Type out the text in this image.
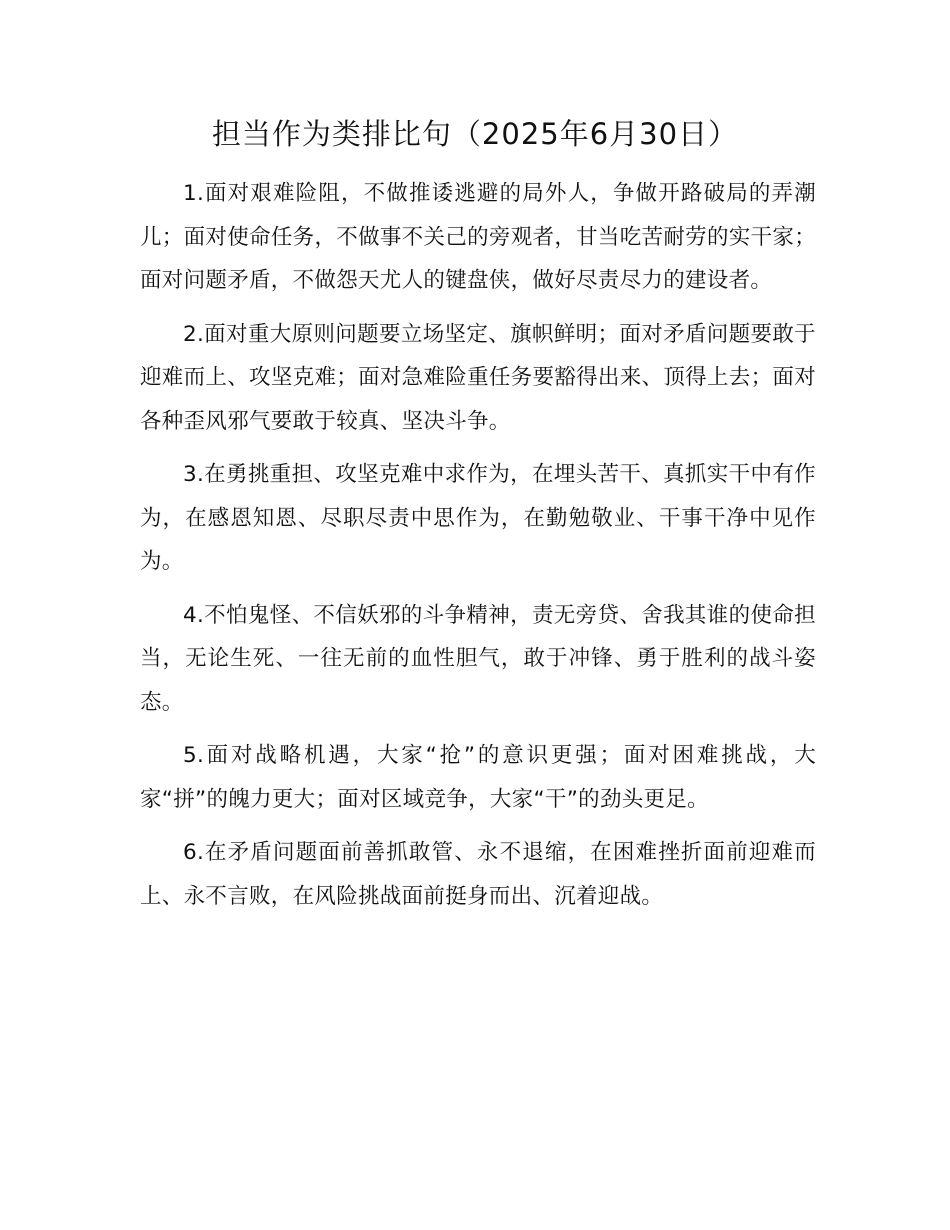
担当作为类排比句（2025年6月30日）

1.面对艰难险阻，不做推诿逃避的局外人，争做开路破局的弄潮儿；面对使命任务，不做事不关己的旁观者，甘当吃苦耐劳的实干家；面对问题矛盾，不做怨天尤人的键盘侠，做好尽责尽力的建设者。

2.面对重大原则问题要立场坚定、旗帜鲜明；面对矛盾问题要敢于迎难而上、攻坚克难；面对急难险重任务要豁得出来、顶得上去；面对各种歪风邪气要敢于较真、坚决斗争。

3.在勇挑重担、攻坚克难中求作为，在埋头苦干、真抓实干中有作为，在感恩知恩、尽职尽责中思作为，在勤勉敬业、干事干净中见作为。

4.不怕鬼怪、不信妖邪的斗争精神，责无旁贷、舍我其谁的使命担当，无论生死、一往无前的血性胆气，敢于冲锋、勇于胜利的战斗姿态。

5.面对战略机遇，大家“抢”的意识更强；面对困难挑战，大家“拼”的魄力更大；面对区域竞争，大家“干”的劲头更足。

6.在矛盾问题面前善抓敢管、永不退缩，在困难挫折面前迎难而上、永不言败，在风险挑战面前挺身而出、沉着迎战。
